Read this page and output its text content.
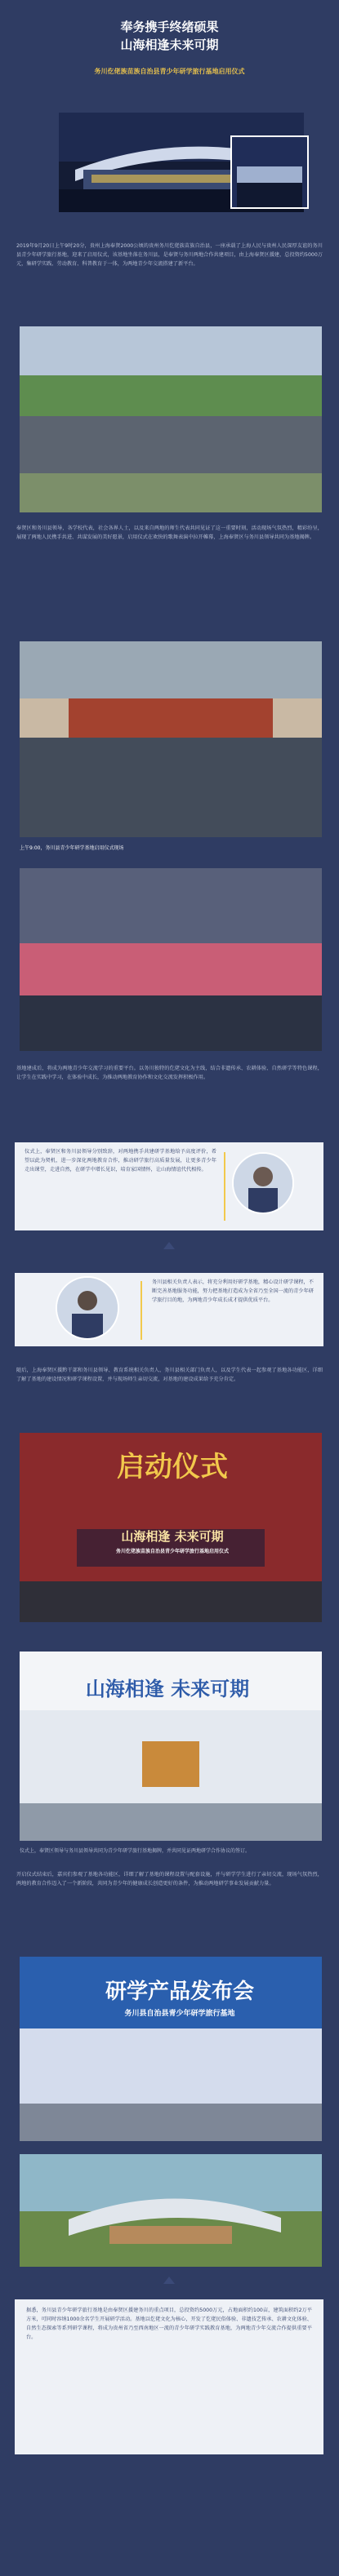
奉务携手终绪硕果
山海相逢未来可期
务川仡佬族苗族自治县青少年研学旅行基地启用仪式
2019年9月20日上午9时20分，贵州上海奉贤2000公顷的贵州务川仡佬族苗族自治县，一座承载了上海人民与贵州人民深厚友谊的务川县青少年研学旅行基地，迎来了启用仪式，该基地坐落在务川县，是奉贤与务川两地合作共建项目，由上海奉贤区援建，总投资约5000万元，集研学实践、劳动教育、科普教育于一体，为两地青少年交流搭建了新平台。
奉贤区和务川县领导，各学校代表，社会各界人士，以及来自两地的师生代表共同见证了这一重要时刻，活动现场气氛热烈，精彩纷呈，展现了两地人民携手共进、共谋发展的美好愿景，启用仪式在欢快的歌舞表演中拉开帷幕，上海奉贤区与务川县领导共同为基地揭牌。
上午9:00，务川县青少年研学基地启用仪式现场
基地建成后，将成为两地青少年交流学习的重要平台。以务川独特的仡佬文化为主线，结合非遗传承、农耕体验、自然研学等特色课程，让学生在实践中学习，在体验中成长，为推动两地教育协作和文化交流发挥积极作用。
仪式上，奉贤区和务川县领导分别致辞，对两地携手共建研学基地给予高度评价，希望以此为契机，进一步深化两地教育合作，推动研学旅行高质量发展，让更多青少年走出课堂，走进自然，在研学中增长见识，培育家国情怀，让山海情谊代代相传。
务川县相关负责人表示，将充分利用好研学基地，精心设计研学课程，不断完善基地服务功能，努力把基地打造成为全省乃至全国一流的青少年研学旅行目的地，为两地青少年成长成才提供优质平台。
随后，上海奉贤区援黔干部和务川县领导、教育系统相关负责人、务川县相关部门负责人，以及学生代表一起参观了基地各功能区，详细了解了基地的建设情况和研学课程设置，并与现场师生亲切交流，对基地的建设成果给予充分肯定。
启动仪式
山海相逢 未来可期
务川仡佬族苗族自治县青少年研学旅行基地启用仪式
山海相逢 未来可期
仪式上，奉贤区领导与务川县领导共同为青少年研学旅行基地揭牌，并共同见证两地研学合作协议的签订。
开启仪式结束后，嘉宾们参观了基地各功能区，详细了解了基地的课程设置与配套设施，并与研学学生进行了亲切交流，现场气氛热烈，两地的教育合作迈入了一个新阶段，共同为青少年的健康成长创造更好的条件，为推动两地研学事业发展贡献力量。
研学产品发布会
务川县自治县青少年研学旅行基地
据悉，务川县青少年研学旅行基地是由奉贤区援建务川的重点项目，总投资约5000万元，占地面积约100亩，建筑面积约2万平方米，可同时容纳1000余名学生开展研学活动。基地以仡佬文化为核心，开发了仡佬民俗体验、非遗技艺传承、农耕文化体验、自然生态探索等系列研学课程，将成为贵州省乃至西南地区一流的青少年研学实践教育基地，为两地青少年交流合作提供重要平台。
